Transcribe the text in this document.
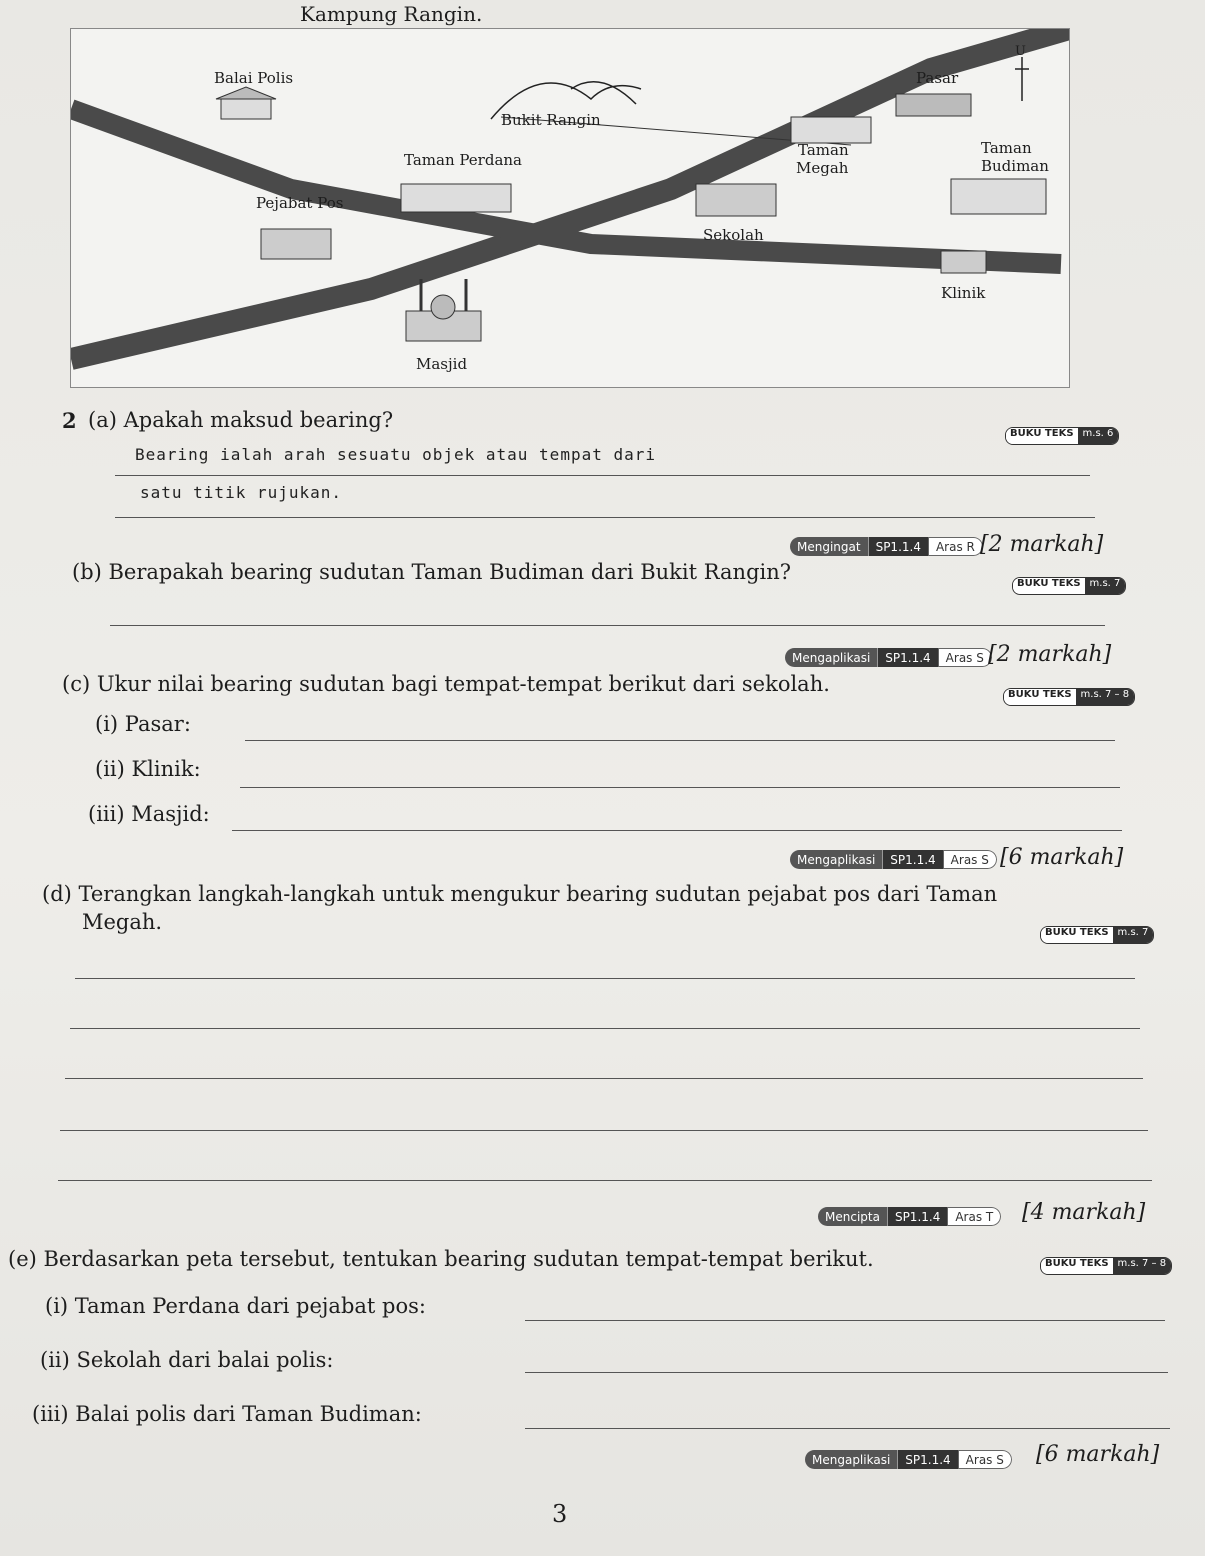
Kampung Rangin.
Balai Polis
Bukit Rangin
Taman Perdana
Pejabat Pos
Masjid
Pasar
Taman
Megah
Taman
Budiman
Sekolah
Klinik
U
2 (a) Apakah maksud bearing?
BUKU TEKS m.s. 6
Bearing ialah arah sesuatu objek atau tempat dari
satu titik rujukan.
Mengingat	SP1.1.4	Aras R [2 markah]
(b) Berapakah bearing sudutan Taman Budiman dari Bukit Rangin?	BUKU TEKS m.s. 7
Mengaplikasi	SP1.1.4	Aras S [2 markah]
(c) Ukur nilai bearing sudutan bagi tempat-tempat berikut dari sekolah.	BUKU TEKS m.s. 7 – 8
(i) Pasar:
(ii) Klinik:
(iii) Masjid:
Mengaplikasi	SP1.1.4	Aras S [6 markah]
(d) Terangkan langkah-langkah untuk mengukur bearing sudutan pejabat pos dari Taman
Megah.	BUKU TEKS m.s. 7
Mencipta	SP1.1.4	Aras T	[4 markah]
(e) Berdasarkan peta tersebut, tentukan bearing sudutan tempat-tempat berikut.	BUKU TEKS m.s. 7 – 8
(i) Taman Perdana dari pejabat pos:
(ii) Sekolah dari balai polis:
(iii) Balai polis dari Taman Budiman:
Mengaplikasi	SP1.1.4	Aras S	[6 markah]
3
